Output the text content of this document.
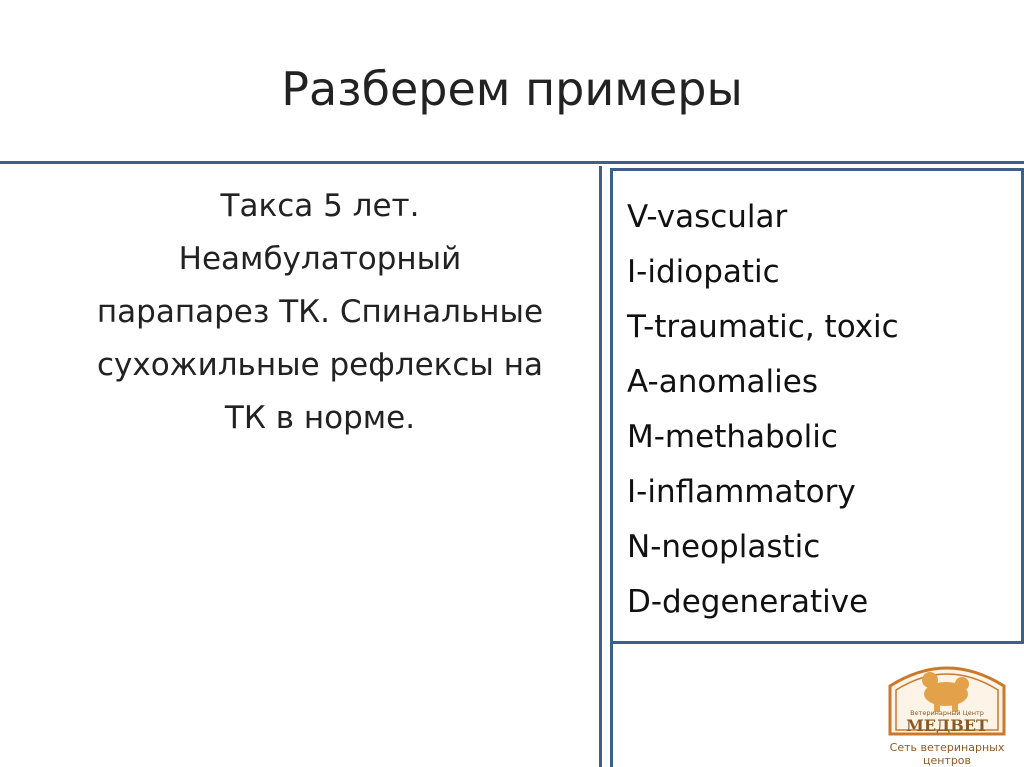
Разберем примеры
Такса 5 лет.
Неамбулаторный
парапарез ТК. Спинальные
сухожильные рефлексы на
ТК в норме.
V-vascular
I-idiopatic
T-traumatic, toxic
A-anomalies
M-methabolic
I-inflammatory
N-neoplastic
D-degenerative
Ветеринарный Центр
МЕДВЕТ
Сеть ветеринарных
центров
